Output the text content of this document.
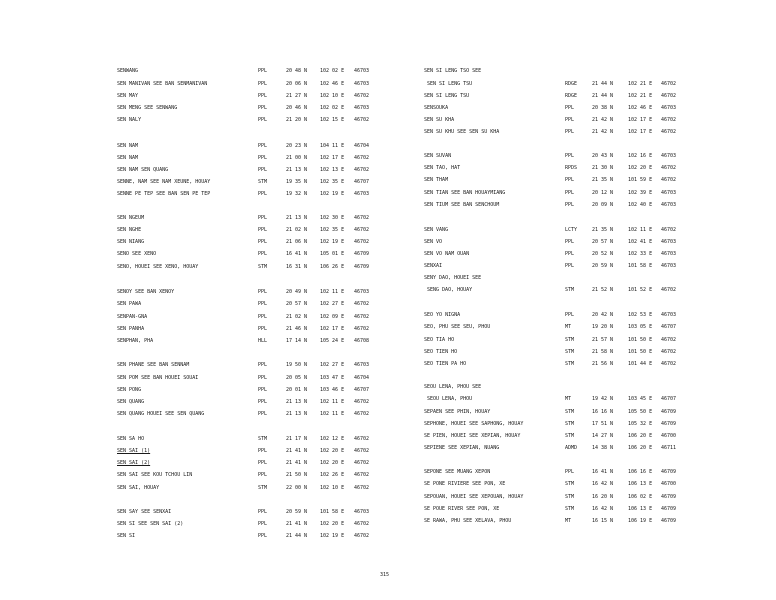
SENWANG	PPL	20 48 N	102 02 E 46703
SEN MANIVAN SEE BAN SENMANIVAN	PPL	20 06 N	102 46 E 46703
SEN MAY	PPL	21 27 N	102 10 E 46702
SEN MENG SEE SENWANG	PPL	20 46 N	102 02 E 46703
SEN NALY	PPL	21 20 N	102 15 E 46702
SEN NAM	PPL	20 23 N	104 11 E 46704
SEN NAM	PPL	21 00 N	102 17 E 46702
SEN NAM SEN QUANG	PPL	21 13 N	102 13 E 46702
SENNE, NAM SEE NAM XEUNE, HOUAY	STM	19 35 N	102 35 E 46707
SENNE PE TEP SEE BAN SEN PE TEP	PPL	19 32 N	102 19 E 46703
SEN NGEUM	PPL	21 13 N	102 30 E 46702
SEN NGHE	PPL	21 02 N	102 35 E 46702
SEN NIANG	PPL	21 06 N	102 19 E 46702
SENO SEE XENO	PPL	16 41 N	105 01 E 46709
SENO, HOUEI SEE XENO, HOUAY	STM	16 31 N	106 26 E 46709
SENOY SEE BAN XENOY	PPL	20 49 N	102 11 E 46703
SEN PAWA	PPL	20 57 N	102 27 E 46702
SENPAN-GNA	PPL	21 02 N	102 09 E 46702
SEN PANHA	PPL	21 46 N	102 17 E 46702
SENPHAN, PHA	HLL	17 14 N	105 24 E 46708
SEN PHANE SEE BAN SENNAM	PPL	19 50 N	102 27 E 46703
SEN POM SEE BAN HOUEI SOUAI	PPL	20 05 N	103 47 E 46704
SEN PONG	PPL	20 01 N	103 46 E 46707
SEN QUANG	PPL	21 13 N	102 11 E 46702
SEN QUANG HOUEI SEE SEN QUANG	PPL	21 13 N	102 11 E 46702
SEN SA HO	STM	21 17 N	102 12 E 46702
SEN SAI (1)	PPL	21 41 N	102 20 E 46702
SEN SAI (2)	PPL	21 41 N	102 20 E 46702
SEN SAI SEE KOU TCHOU LIN	PPL	21 50 N	102 26 E 46702
SEN SAI, HOUAY	STM	22 00 N	102 10 E 46702
SEN SAY SEE SENXAI	PPL	20 59 N	101 58 E 46703
SEN SI SEE SEN SAI (2)	PPL	21 41 N	102 20 E 46702
SEN SI	PPL	21 44 N	102 19 E 46702
SEN SI LENG TSO SEE
SEN SI LENG TSU	RDGE	21 44 N	102 21 E 46702
SEN SI LENG TSU	RDGE	21 44 N	102 21 E 46702
SENSOUKA	PPL	20 38 N	102 46 E 46703
SEN SU KHA	PPL	21 42 N	102 17 E 46702
SEN SU KHU SEE SEN SU KHA	PPL	21 42 N	102 17 E 46702
SEN SUVAN	PPL	20 43 N	102 16 E 46703
SEN TAO, HAT	RPDS	21 30 N	102 20 E 46702
SEN THAM	PPL	21 35 N	101 59 E 46702
SEN TIAN SEE BAN HOUAYMIANG	PPL	20 12 N	102 39 E 46703
SEN TIUM SEE BAN SENCHOUM	PPL	20 09 N	102 40 E 46703
SEN VANG	LCTY	21 35 N	102 11 E 46702
SEN VO	PPL	20 57 N	102 41 E 46703
SEN VO NAM OUAN	PPL	20 52 N	102 33 E 46703
SENXAI	PPL	20 59 N	101 58 E 46703
SENY DAO, HOUEI SEE
SENG DAO, HOUAY	STM	21 52 N	101 52 E 46702
SEO YO NIGNA	PPL	20 42 N	102 53 E 46703
SEO, PHU SEE SEU, PHOU	MT	19 20 N	103 05 E 46707
SEO TIA HO	STM	21 57 N	101 50 E 46702
SEO TIEN HO	STM	21 58 N	101 50 E 46702
SEO TIEN PA HO	STM	21 56 N	101 44 E 46702
SEOU LENA, PHOU SEE
SEOU LENA, PHOU	MT	19 42 N	103 45 E 46707
SEPAEN SEE PHIN, HOUAY	STM	16 16 N	105 50 E 46709
SEPHONE, HOUEI SEE SAPHONG, HOUAY	STM	17 51 N	105 32 E 46709
SE PIEN, HOUEI SEE XEPIAN, HOUAY	STM	14 27 N	106 20 E 46700
SEPIENE SEE XEPIAN, NUANG	ADMD	14 38 N	106 20 E 46711
SEPONE SEE MUANG XEPON	PPL	16 41 N	106 16 E 46709
SE PONE RIVIERE SEE PON, XE	STM	16 42 N	106 13 E 46700
SEPOUAN, HOUEI SEE XEPOUAN, HOUAY	STM	16 20 N	106 02 E 46709
SE POUE RIVER SEE PON, XE	STM	16 42 N	106 13 E 46709
SE RAWA, PHU SEE XELAVA, PHOU	MT	16 15 N	106 19 E 46709
315
